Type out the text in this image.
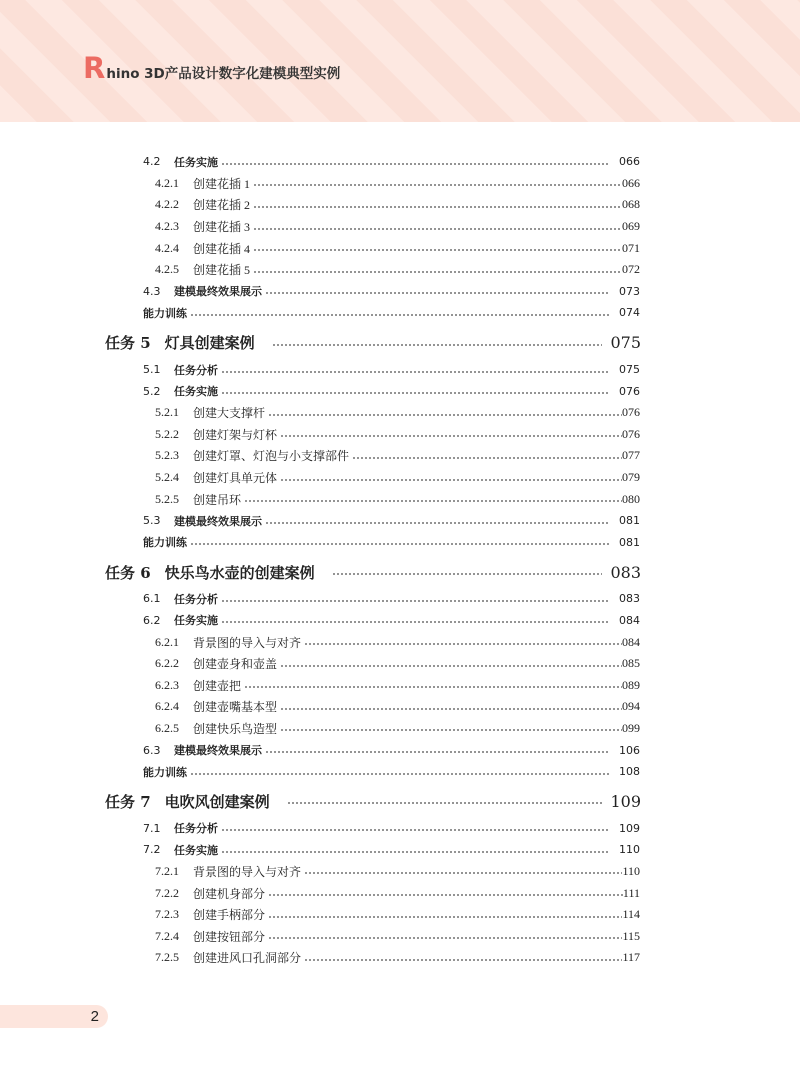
R hino 3D产品设计数字化建模典型实例
4.2	任务实施	066
4.2.1	创建花插 1	066
4.2.2	创建花插 2	068
4.2.3	创建花插 3	069
4.2.4	创建花插 4	071
4.2.5	创建花插 5	072
4.3	建模最终效果展示	073
能力训练	074
任务 5 灯具创建案例	075
5.1	任务分析	075
5.2	任务实施	076
5.2.1	创建大支撑杆	076
5.2.2	创建灯架与灯杯	076
5.2.3	创建灯罩、灯泡与小支撑部件	077
5.2.4	创建灯具单元体	079
5.2.5	创建吊环	080
5.3	建模最终效果展示	081
能力训练	081
任务 6 快乐鸟水壶的创建案例	083
6.1	任务分析	083
6.2	任务实施	084
6.2.1	背景图的导入与对齐	084
6.2.2	创建壶身和壶盖	085
6.2.3	创建壶把	089
6.2.4	创建壶嘴基本型	094
6.2.5	创建快乐鸟造型	099
6.3	建模最终效果展示	106
能力训练	108
任务 7 电吹风创建案例	109
7.1	任务分析	109
7.2	任务实施	110
7.2.1	背景图的导入与对齐	110
7.2.2	创建机身部分	111
7.2.3	创建手柄部分	114
7.2.4	创建按钮部分	115
7.2.5	创建进风口孔洞部分	117
2
